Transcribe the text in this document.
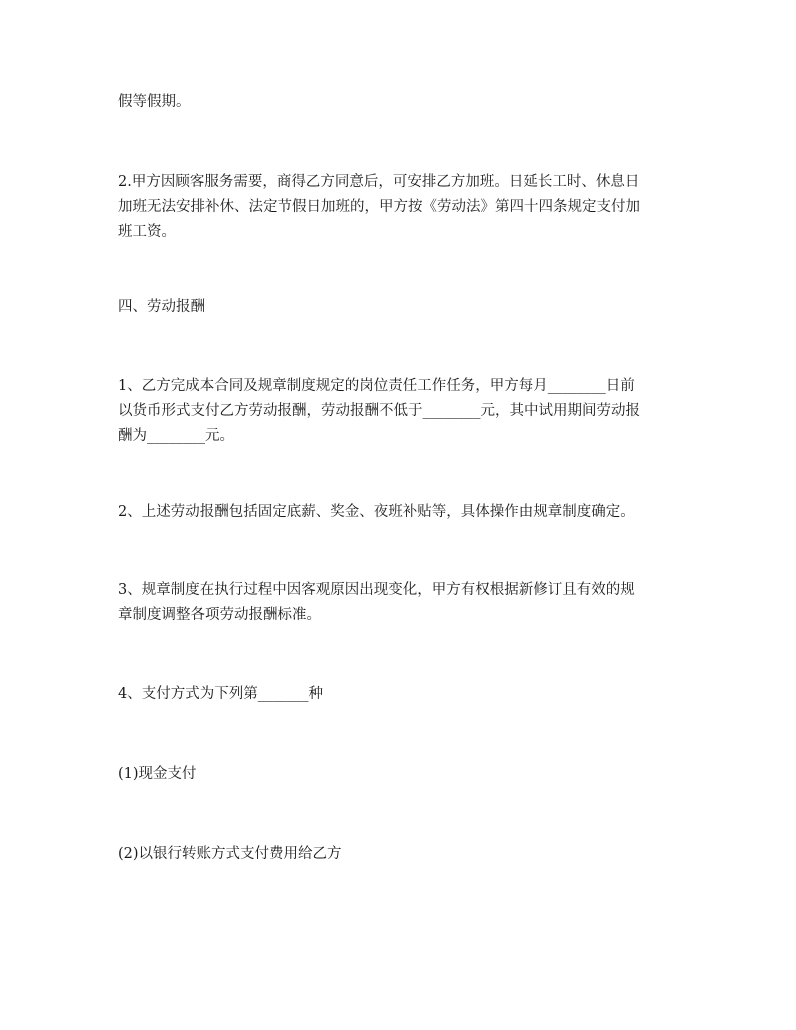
假等假期。

2.甲方因顾客服务需要，商得乙方同意后，可安排乙方加班。日延长工时、休息日
加班无法安排补休、法定节假日加班的，甲方按《劳动法》第四十四条规定支付加
班工资。

四、劳动报酬

1、乙方完成本合同及规章制度规定的岗位责任工作任务，甲方每月________日前
以货币形式支付乙方劳动报酬，劳动报酬不低于________元，其中试用期间劳动报
酬为________元。

2、上述劳动报酬包括固定底薪、奖金、夜班补贴等，具体操作由规章制度确定。

3、规章制度在执行过程中因客观原因出现变化，甲方有权根据新修订且有效的规
章制度调整各项劳动报酬标准。

4、支付方式为下列第_______种

(1)现金支付

(2)以银行转账方式支付费用给乙方
